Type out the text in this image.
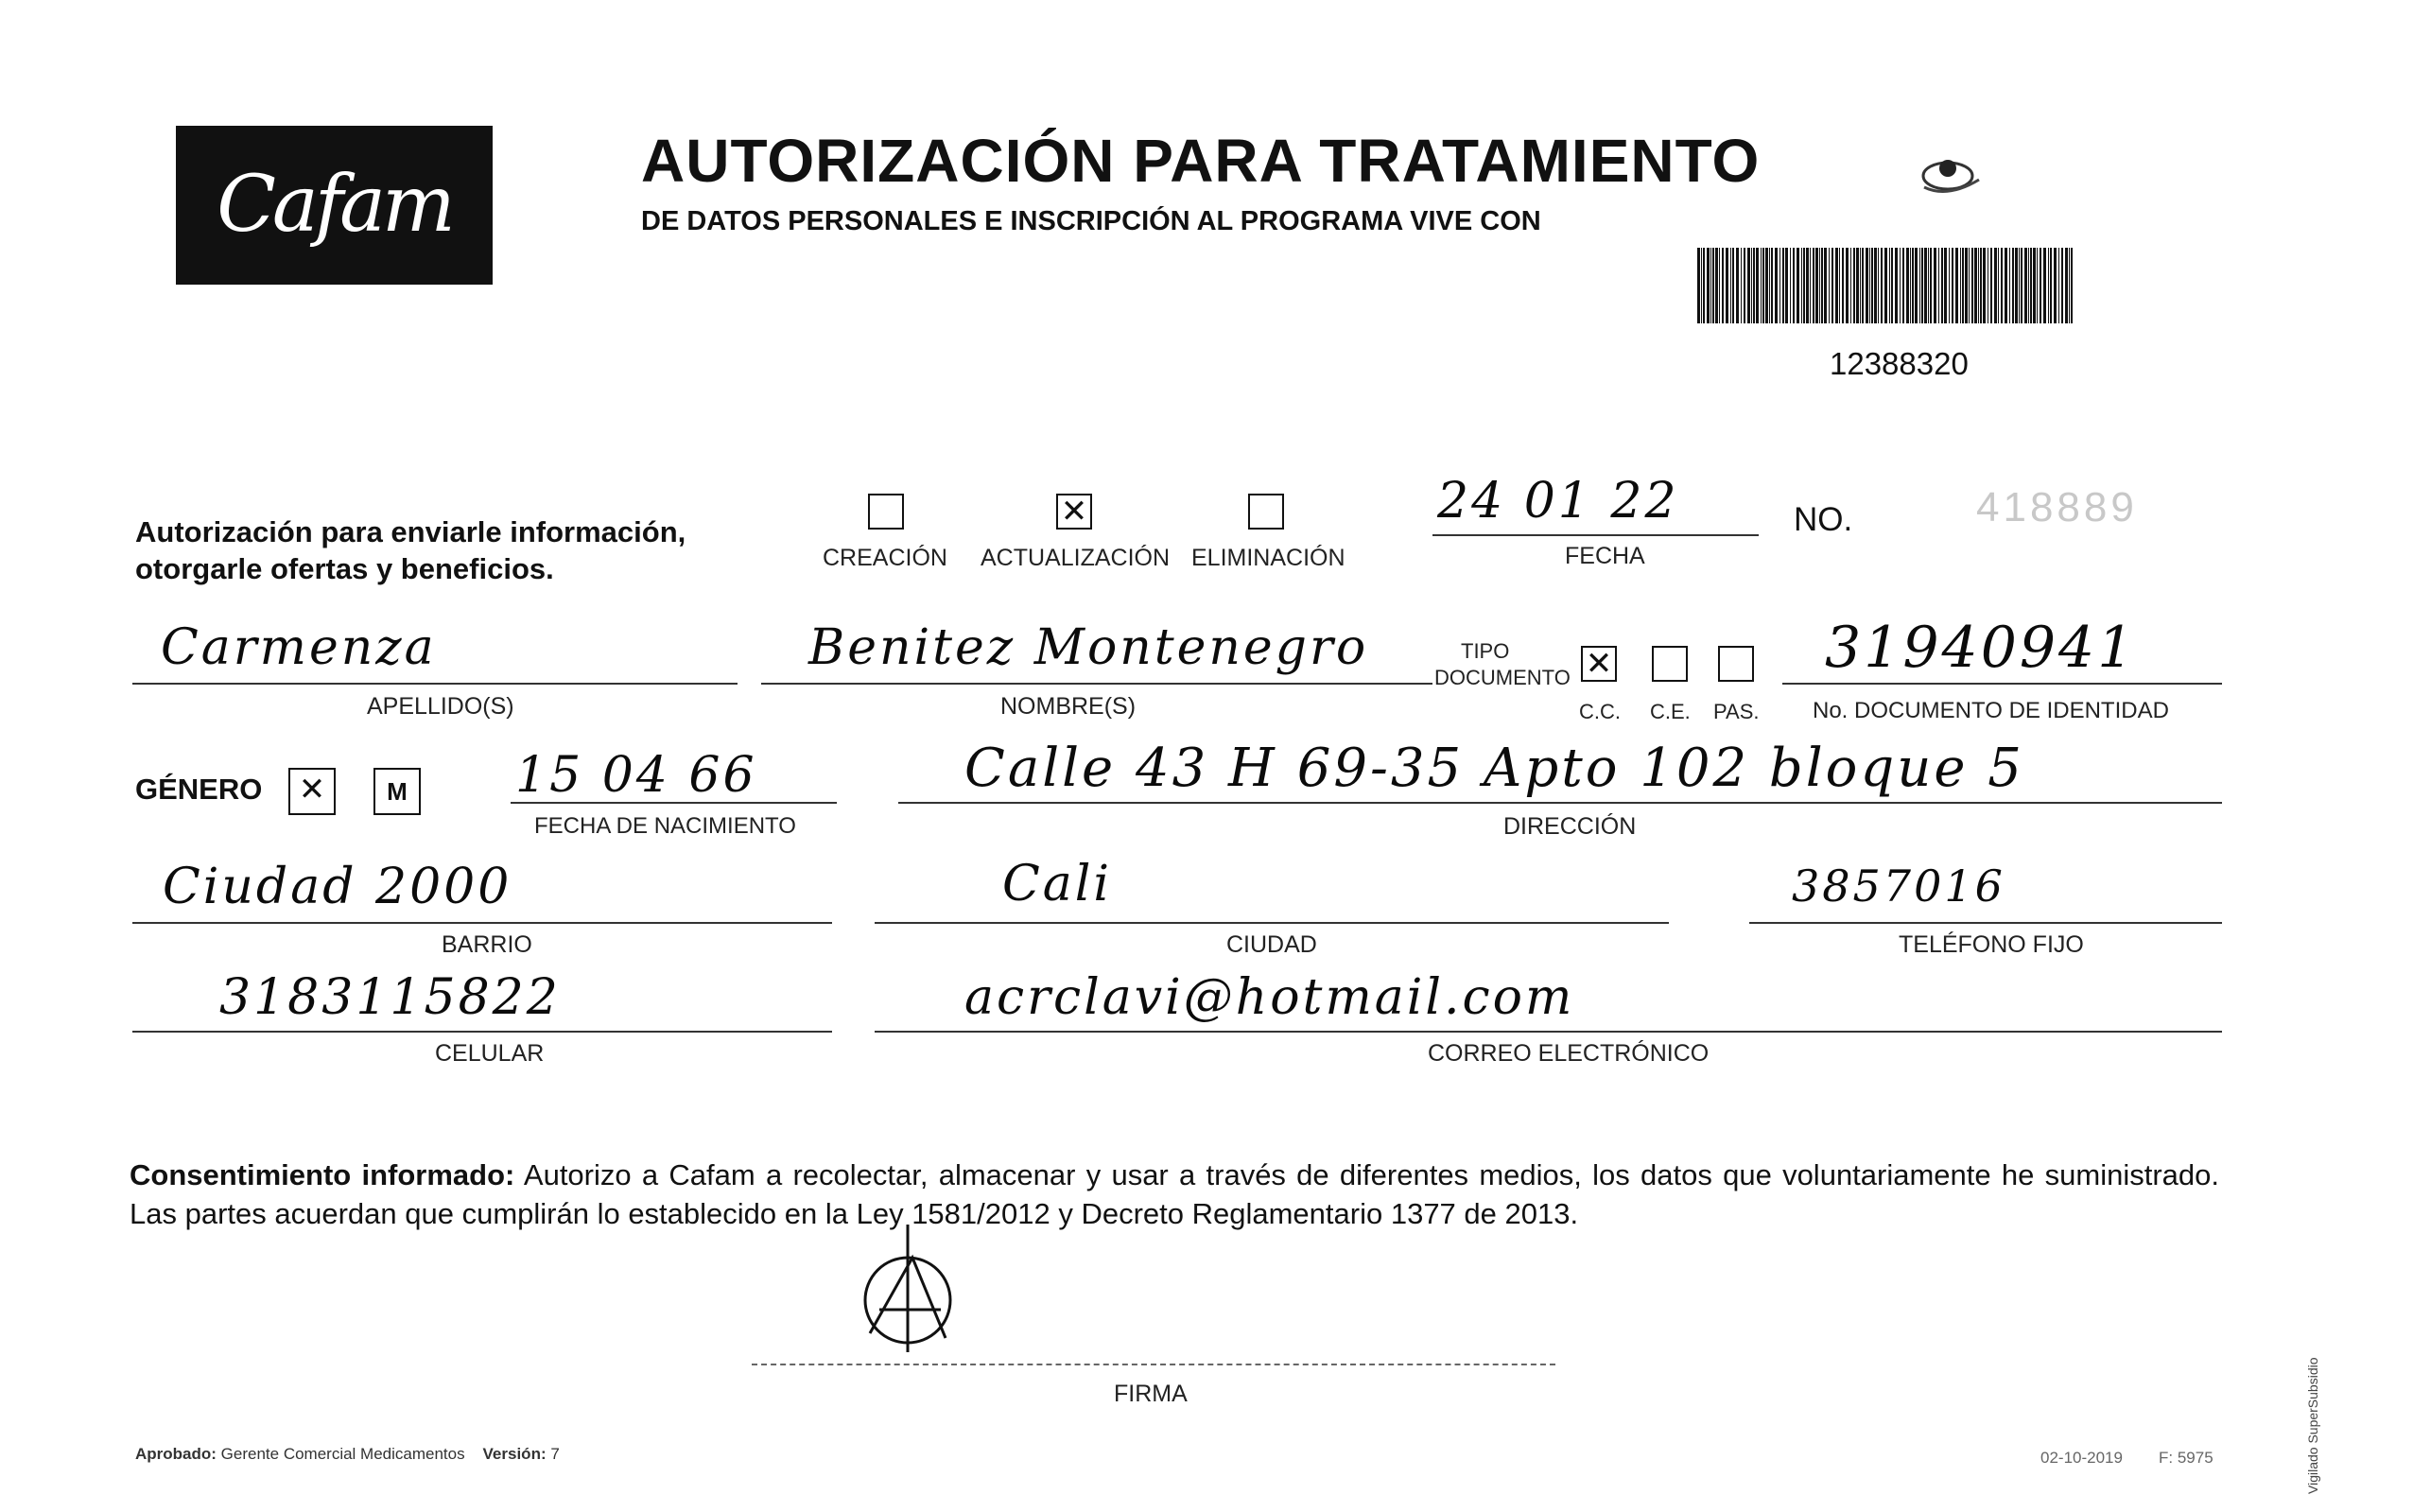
Cafam	AUTORIZACIÓN PARA TRATAMIENTO
DE DATOS PERSONALES E INSCRIPCIÓN AL PROGRAMA VIVE CON
12388320
Autorización para enviarle información,
otorgarle ofertas y beneficios.	CREACIÓN
✕ ACTUALIZACIÓN ELIMINACIÓN
24 01 22
FECHA
NO.	418889
Carmenza
APELLIDO(S)
Benitez Montenegro
NOMBRE(S)
TIPO
DOCUMENTO
✕
C.C. C.E. PAS.
31940941
No. DOCUMENTO DE IDENTIDAD
GÉNERO
✕	M 15 04 66
FECHA DE NACIMIENTO
Calle 43 H 69-35 Apto 102 bloque 5
DIRECCIÓN
Ciudad 2000
BARRIO
Cali
CIUDAD
3857016
TELÉFONO FIJO
3183115822
CELULAR
acrclavi@hotmail.com
CORREO ELECTRÓNICO
Consentimiento informado: Autorizo a Cafam a recolectar, almacenar y usar a través de diferentes medios, los datos que voluntariamente he suministrado. Las partes acuerdan que cumplirán lo establecido en la Ley 1581/2012 y Decreto Reglamentario 1377 de 2013.
FIRMA
Aprobado: Gerente Comercial Medicamentos Versión: 7	02-10-2019 F: 5975	Vigilado SuperSubsidio
